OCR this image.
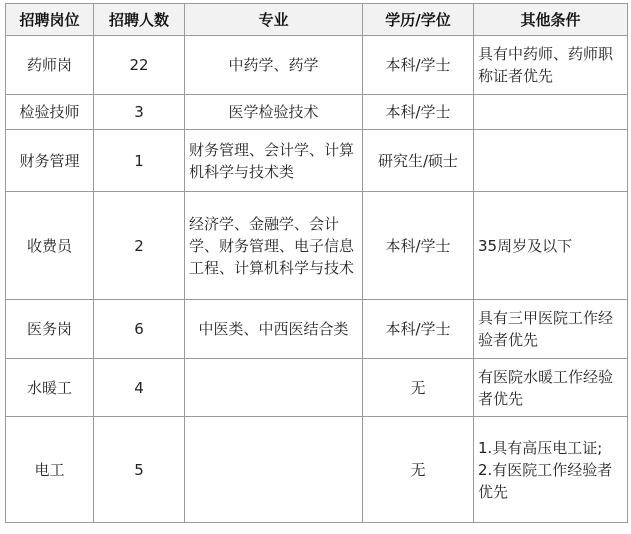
招聘岗位	招聘人数	专业	学历/学位	其他条件
药师岗	22	中药学、药学	本科/学士	具有中药师、药师职称证者优先
检验技师	3	医学检验技术	本科/学士	
财务管理	1	财务管理、会计学、计算机科学与技术类	研究生/硕士	
收费员	2	经济学、金融学、会计学、财务管理、电子信息工程、计算机科学与技术	本科/学士	35周岁及以下
医务岗	6	中医类、中西医结合类	本科/学士	具有三甲医院工作经验者优先
水暖工	4		无	有医院水暖工作经验者优先
电工	5		无	1.具有高压电工证;
2.有医院工作经验者优先
